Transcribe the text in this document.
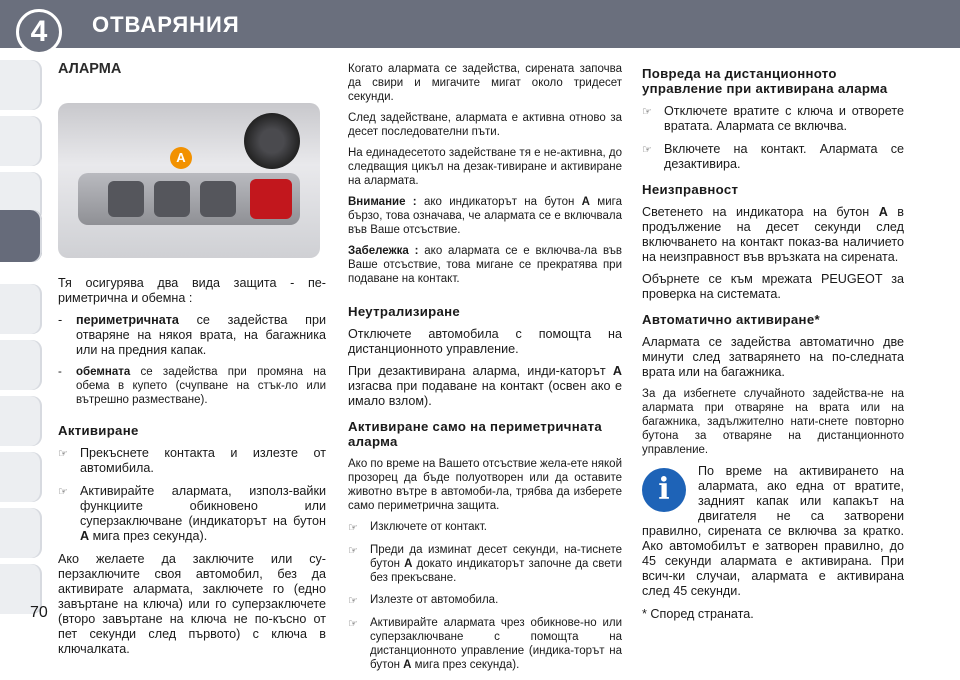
4	ОТВАРЯНИЯ
70
АЛАРМА
A

Тя осигурява два вида защита - пе-риметрична и обемна :

-	периметричната се задейства при отваряне на някоя врата, на багажника или на предния капак.
-	обемната се задейства при промяна на обема в купето (счупване на стък-ло или вътрешно разместване).
Активиране
☞ Прекъснете контакта и излезте от автомибила.
☞ Активирайте алармата, използ-вайки функциите обикновено или суперзаключване (индикаторът на бутон A мига през секунда).

Ако желаете да заключите или су-перзаключите своя автомобил, без да активирате алармата, заключете го (едно завъртане на ключа) или го суперзаключете (второ завъртане на ключа не по-късно от пет секунди след първото) с ключа в ключалката.

Когато алармата се задейства, сирената започва да свири и мигачите мигат около тридесет секунди.

След задействане, алармата е активна отново за десет последователни пъти.

На единадесетото задействане тя е не-активна, до следващия цикъл на дезак-тивиране и активиране на алармата.

Внимание : ако индикаторът на бутон A мига бързо, това означава, че алармата се е включвала във Ваше отсъствие.

Забележка : ако алармата се е включва-ла във Ваше отсъствие, това мигане се прекратява при подаване на контакт.

Неутрализиране

Отключете автомобила с помощта на дистанционното управление.

При дезактивирана аларма, инди-каторът A изгасва при подаване на контакт (освен ако е имало взлом).

Активиране само на периметричната аларма

Ако по време на Вашето отсъствие жела-ете някой прозорец да бъде полуотворен или да оставите животно вътре в автомоби-ла, трябва да изберете само периметрична защита.

☞	Изключете от контакт.
☞	Преди да изминат десет секунди, на-тиснете бутон A докато индикаторът започне да свети без прекъсване.
☞	Излезте от автомобила.
☞	Активирайте алармата чрез обикнове-но или суперзаключване с помощта на дистанционното управление (индика-торът на бутон A мига през секунда).
Повреда на дистанционното управление при активирана аларма
☞ Отключете вратите с ключа и отворете вратата. Алармата се включва.
☞ Включете на контакт. Алармата се дезактивира.
Неизправност

Светенето на индикатора на бутон A в продължение на десет секунди след включването на контакт показ-ва наличието на неизправност във връзката на сирената.

Обърнете се към мрежата PEUGEOT за проверка на системата.

Автоматично активиране*

Алармата се задейства автоматично две минути след затварянето на по-следната врата или на багажника.

За да избегнете случайното задейства-не на алармата при отваряне на врата или на багажника, задължително нати-снете повторно бутона за отваряне на дистанционното управление.

i

По време на активирането на алармата, ако една от вратите, задният капак или капакът на двигателя не са затворени правилно, сирената се включва за кратко. Ако автомобилът е затворен правилно, до 45 секунди алармата е активирана. При всич-ки случаи, алармата е активирана след 45 секунди.

* Според страната.
